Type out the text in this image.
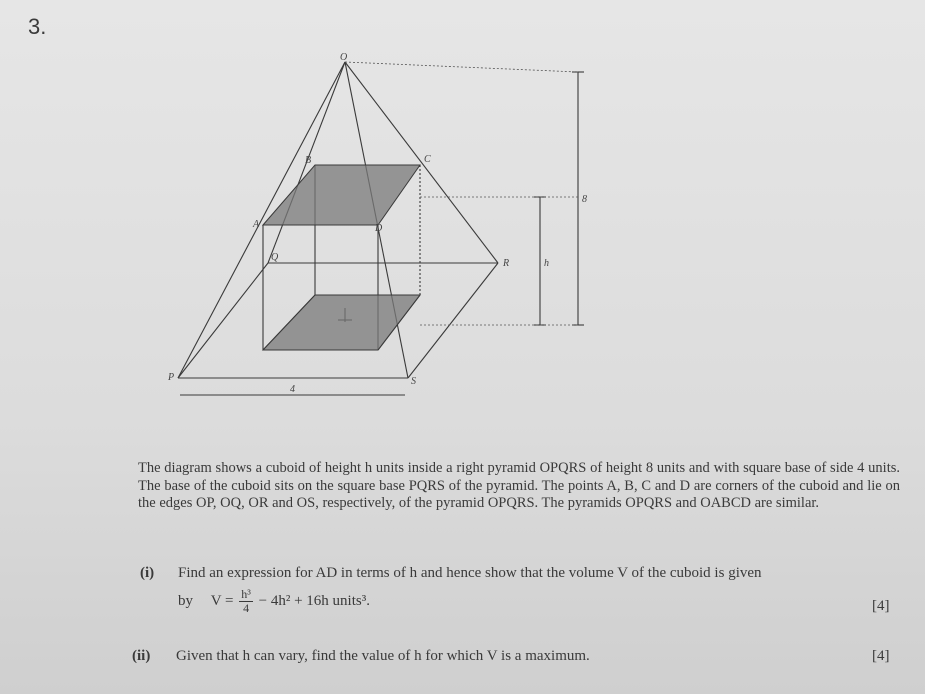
3.
O
B	C
A	D
Q
R
P	S
4
8
h
The diagram shows a cuboid of height h units inside a right pyramid OPQRS of height 8 units and with square base of side 4 units. The base of the cuboid sits on the square base PQRS of the pyramid. The points A, B, C and D are corners of the cuboid and lie on the edges OP, OQ, OR and OS, respectively, of the pyramid OPQRS. The pyramids OPQRS and OABCD are similar.
(i) Find an expression for AD in terms of h and hence show that the volume V of the cuboid is given
by $V = \frac{\text{h³}}{4} - 4h^2 + 16h$ units³.	[4]
(ii) Given that h can vary, find the value of h for which V is a maximum.	[4]
